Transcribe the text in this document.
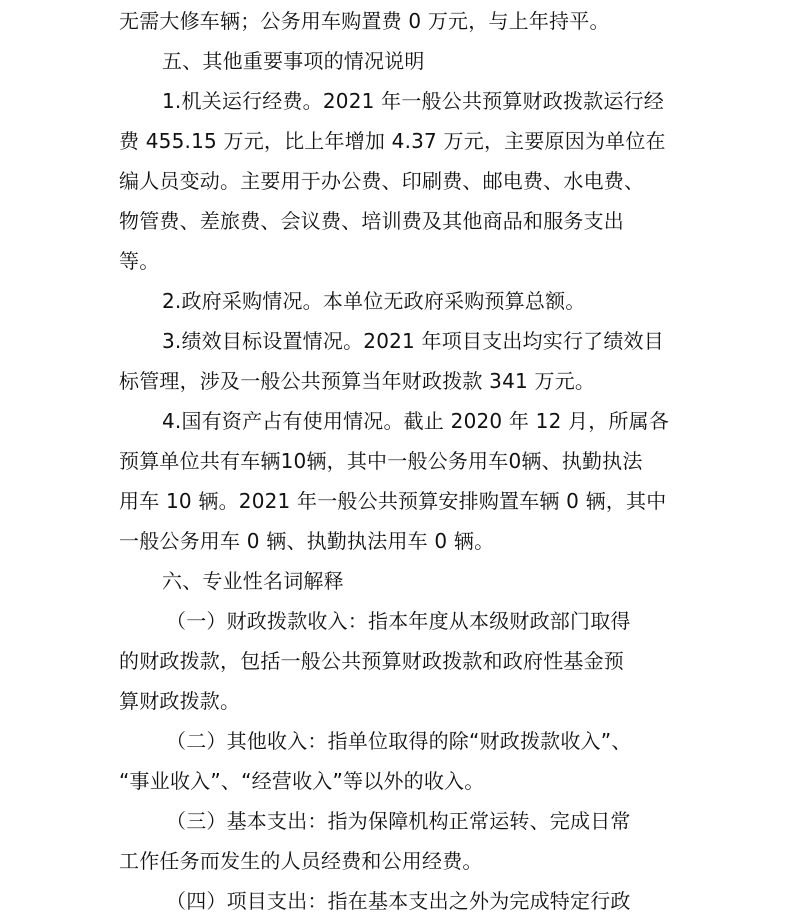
无需大修车辆；公务用车购置费 0 万元，与上年持平。
五、其他重要事项的情况说明
1.机关运行经费。2021 年一般公共预算财政拨款运行经
费 455.15 万元，比上年增加 4.37 万元，主要原因为单位在
编人员变动。主要用于办公费、印刷费、邮电费、水电费、
物管费、差旅费、会议费、培训费及其他商品和服务支出
等。
2.政府采购情况。本单位无政府采购预算总额。
3.绩效目标设置情况。2021 年项目支出均实行了绩效目
标管理，涉及一般公共预算当年财政拨款 341 万元。
4.国有资产占有使用情况。截止 2020 年 12 月，所属各
预算单位共有车辆10辆，其中一般公务用车0辆、执勤执法
用车 10 辆。2021 年一般公共预算安排购置车辆 0 辆，其中
一般公务用车 0 辆、执勤执法用车 0 辆。
六、专业性名词解释
（一）财政拨款收入：指本年度从本级财政部门取得
的财政拨款，包括一般公共预算财政拨款和政府性基金预
算财政拨款。
（二）其他收入：指单位取得的除“财政拨款收入”、
“事业收入”、“经营收入”等以外的收入。
（三）基本支出：指为保障机构正常运转、完成日常
工作任务而发生的人员经费和公用经费。
（四）项目支出：指在基本支出之外为完成特定行政
